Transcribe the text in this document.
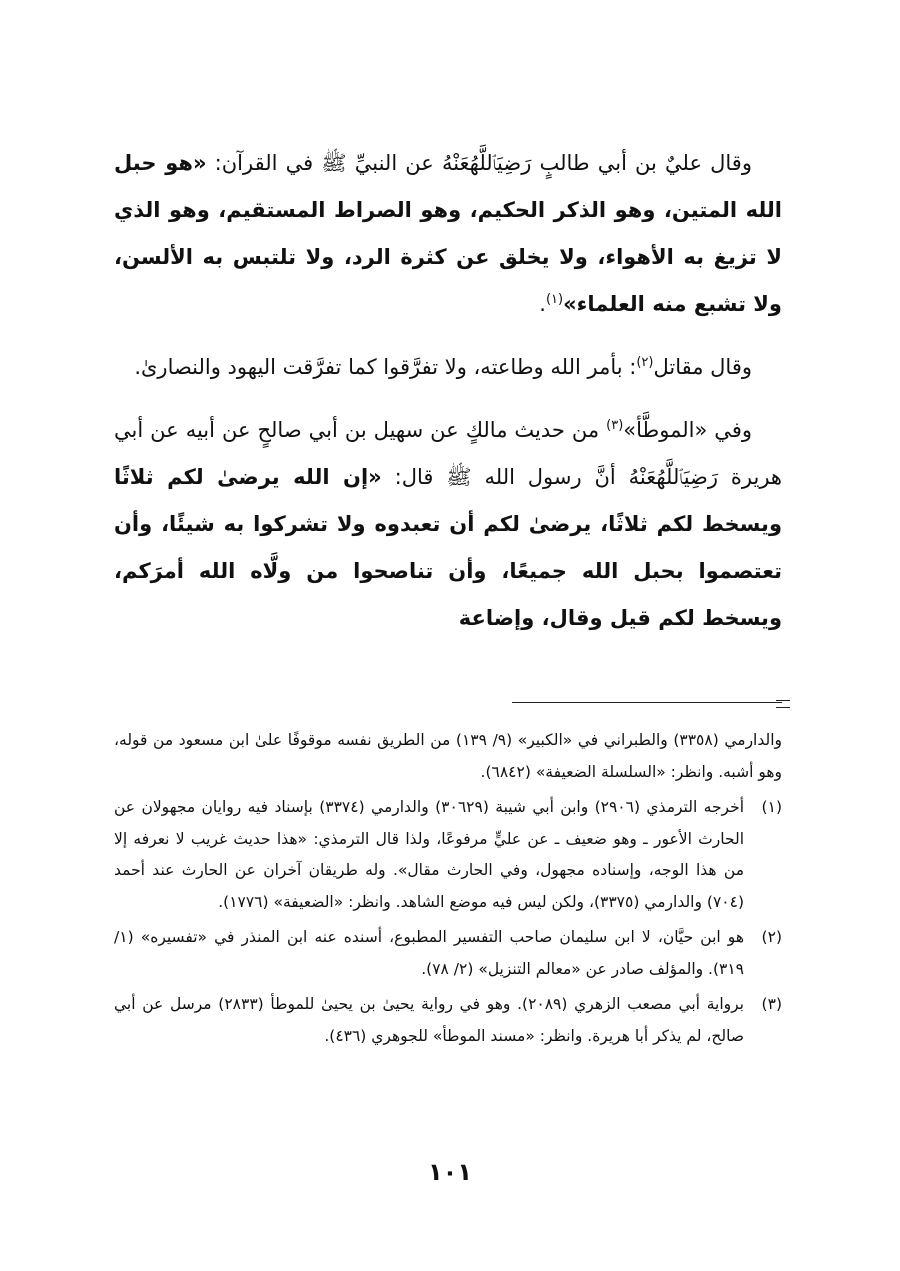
وقال عليٌ بن أبي طالبٍ رَضِيَٱللَّهُعَنْهُ عن النبيِّ ﷺ في القرآن: «هو حبل الله المتين، وهو الذكر الحكيم، وهو الصراط المستقيم، وهو الذي لا تزيغ به الأهواء، ولا يخلق عن كثرة الرد، ولا تلتبس به الألسن، ولا تشبع منه العلماء»$^{(١)}$.

وقال مقاتل$^{(٢)}$: بأمر الله وطاعته، ولا تفرَّقوا كما تفرَّقت اليهود والنصارىٰ.

وفي «الموطَّأ»$^{(٣)}$ من حديث مالكٍ عن سهيل بن أبي صالحٍ عن أبيه عن أبي هريرة رَضِيَٱللَّهُعَنْهُ أنَّ رسول الله ﷺ قال: «إن الله يرضىٰ لكم ثلاثًا ويسخط لكم ثلاثًا، يرضىٰ لكم أن تعبدوه ولا تشركوا به شيئًا، وأن تعتصموا بحبل الله جميعًا، وأن تناصحوا من ولَّاه الله أمرَكم، ويسخط لكم قيل وقال، وإضاعة

والدارمي (٣٣٥٨) والطبراني في «الكبير» (٩/ ١٣٩) من الطريق نفسه موقوفًا علىٰ ابن مسعود من قوله، وهو أشبه. وانظر: «السلسلة الضعيفة» (٦٨٤٢).
(١)
أخرجه الترمذي (٢٩٠٦) وابن أبي شيبة (٣٠٦٢٩) والدارمي (٣٣٧٤) بإسناد فيه روايان مجهولان عن الحارث الأعور ـ وهو ضعيف ـ عن عليٍّ مرفوعًا، ولذا قال الترمذي: «هذا حديث غريب لا نعرفه إلا من هذا الوجه، وإسناده مجهول، وفي الحارث مقال». وله طريقان آخران عن الحارث عند أحمد (٧٠٤) والدارمي (٣٣٧٥)، ولكن ليس فيه موضع الشاهد. وانظر: «الضعيفة» (١٧٧٦).
(٢)
هو ابن حيَّان، لا ابن سليمان صاحب التفسير المطبوع، أسنده عنه ابن المنذر في «تفسيره» (١/ ٣١٩). والمؤلف صادر عن «معالم التنزيل» (٢/ ٧٨).
(٣)
برواية أبي مصعب الزهري (٢٠٨٩). وهو في رواية يحيىٰ بن يحيىٰ للموطأ (٢٨٣٣) مرسل عن أبي صالح، لم يذكر أبا هريرة. وانظر: «مسند الموطأ» للجوهري (٤٣٦).
١٠١
